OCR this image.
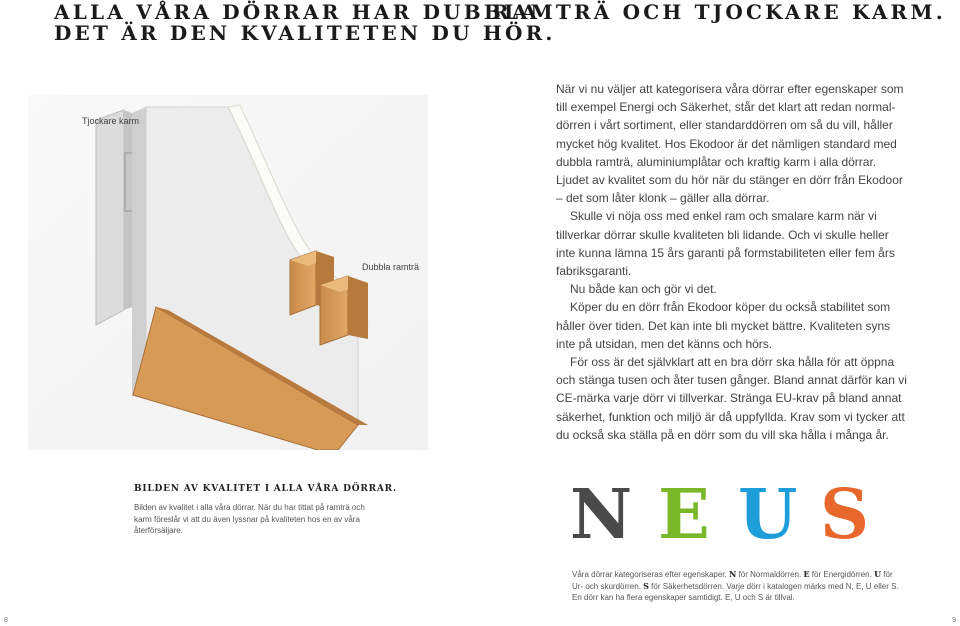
ALLA VÅRA DÖRRAR HAR DUBBLA
RAMTRÄ OCH TJOCKARE KARM.
DET ÄR DEN KVALITETEN DU HÖR.
Tjockare karm
Dubbla ramträ

När vi nu väljer att kategorisera våra dörrar efter egenskaper som till exempel Energi och Säkerhet, står det klart att redan normaldörren i vårt sortiment, eller standarddörren om så du vill, håller mycket hög kvalitet. Hos Ekodoor är det nämligen standard med dubbla ramträ, aluminiumplåtar och kraftig karm i alla dörrar.

Ljudet av kvalitet som du hör när du stänger en dörr från Ekodoor – det som låter klonk – gäller alla dörrar.

Skulle vi nöja oss med enkel ram och smalare karm när vi tillverkar dörrar skulle kvaliteten bli lidande. Och vi skulle heller inte kunna lämna 15 års garanti på formstabiliteten eller fem års fabriksgaranti.

Nu både kan och gör vi det.

Köper du en dörr från Ekodoor köper du också stabilitet som håller över tiden. Det kan inte bli mycket bättre. Kvaliteten syns inte på utsidan, men det känns och hörs.

För oss är det självklart att en bra dörr ska hålla för att öppna och stänga tusen och åter tusen gånger. Bland annat därför kan vi CE-märka varje dörr vi tillverkar. Stränga EU-krav på bland annat säkerhet, funktion och miljö är då uppfyllda. Krav som vi tycker att du också ska ställa på en dörr som du vill ska hålla i många år.

BILDEN AV KVALITET I ALLA VÅRA DÖRRAR.
Bilden av kvalitet i alla våra dörrar. När du har tittat på ramträ och karm föreslår vi att du även lyssnar på kvaliteten hos en av våra återförsäljare.	N E U S
Våra dörrar kategoriseras efter egenskaper. N för Normaldörren. E för Energidörren. U för Ur- och skurdörren. S för Säkerhetsdörren. Varje dörr i katalogen märks med N, E, U eller S. En dörr kan ha flera egenskaper samtidigt. E, U och S är tillval.
8	9
